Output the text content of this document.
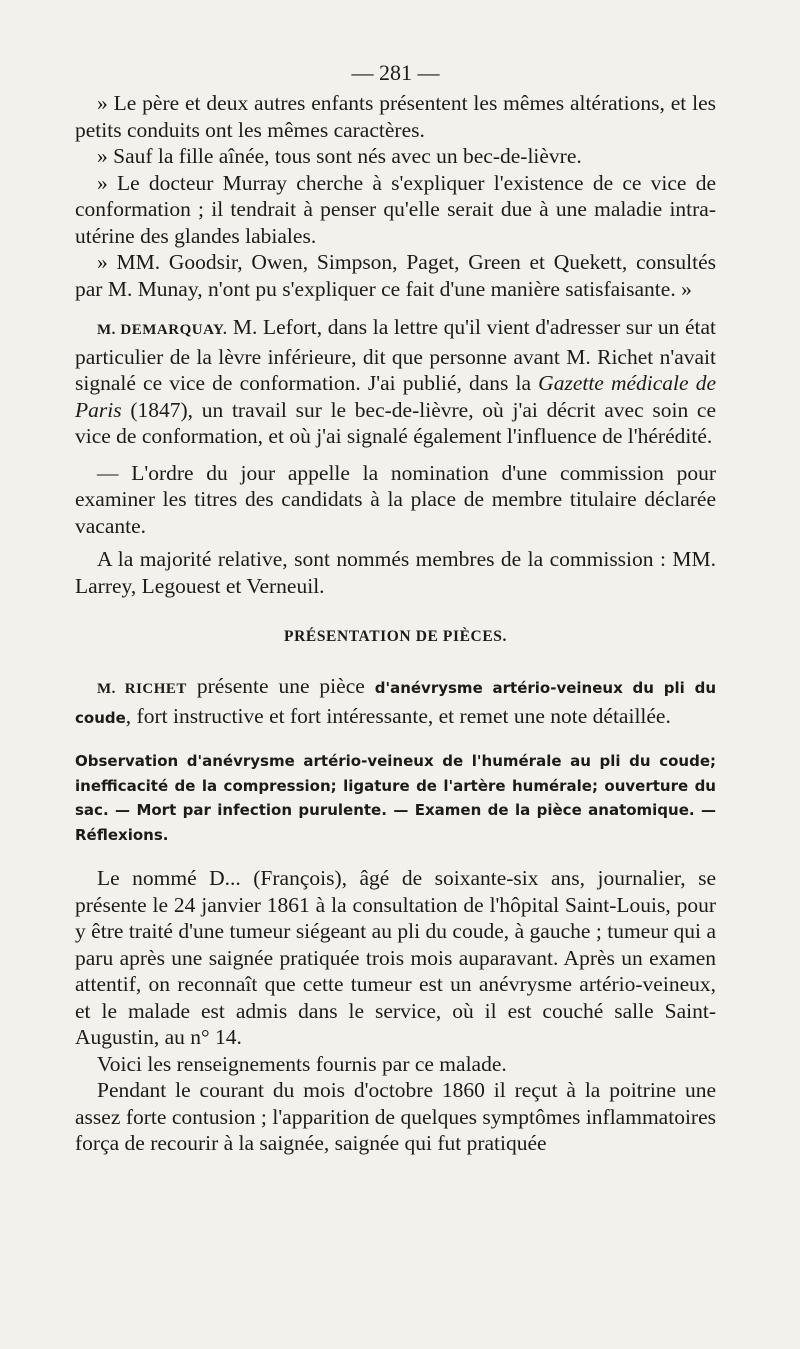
— 281 —

» Le père et deux autres enfants présentent les mêmes altérations, et les petits conduits ont les mêmes caractères.

» Sauf la fille aînée, tous sont nés avec un bec-de-lièvre.

» Le docteur Murray cherche à s'expliquer l'existence de ce vice de conformation ; il tendrait à penser qu'elle serait due à une maladie intra-utérine des glandes labiales.

» MM. Goodsir, Owen, Simpson, Paget, Green et Quekett, consultés par M. Munay, n'ont pu s'expliquer ce fait d'une manière satisfaisante. »

M. DEMARQUAY. M. Lefort, dans la lettre qu'il vient d'adresser sur un état particulier de la lèvre inférieure, dit que personne avant M. Richet n'avait signalé ce vice de conformation. J'ai publié, dans la Gazette médicale de Paris (1847), un travail sur le bec-de-lièvre, où j'ai décrit avec soin ce vice de conformation, et où j'ai signalé également l'influence de l'hérédité.

— L'ordre du jour appelle la nomination d'une commission pour examiner les titres des candidats à la place de membre titulaire déclarée vacante.

A la majorité relative, sont nommés membres de la commission : MM. Larrey, Legouest et Verneuil.

PRÉSENTATION DE PIÈCES.

M. RICHET présente une pièce d'anévrysme artério-veineux du pli du coude, fort instructive et fort intéressante, et remet une note détaillée.

Observation d'anévrysme artério-veineux de l'humérale au pli du coude; inefficacité de la compression; ligature de l'artère humérale; ouverture du sac. — Mort par infection purulente. — Examen de la pièce anatomique. — Réflexions.

Le nommé D... (François), âgé de soixante-six ans, journalier, se présente le 24 janvier 1861 à la consultation de l'hôpital Saint-Louis, pour y être traité d'une tumeur siégeant au pli du coude, à gauche ; tumeur qui a paru après une saignée pratiquée trois mois auparavant. Après un examen attentif, on reconnaît que cette tumeur est un anévrysme artério-veineux, et le malade est admis dans le service, où il est couché salle Saint-Augustin, au n° 14.

Voici les renseignements fournis par ce malade.

Pendant le courant du mois d'octobre 1860 il reçut à la poitrine une assez forte contusion ; l'apparition de quelques symptômes inflammatoires força de recourir à la saignée, saignée qui fut pratiquée
